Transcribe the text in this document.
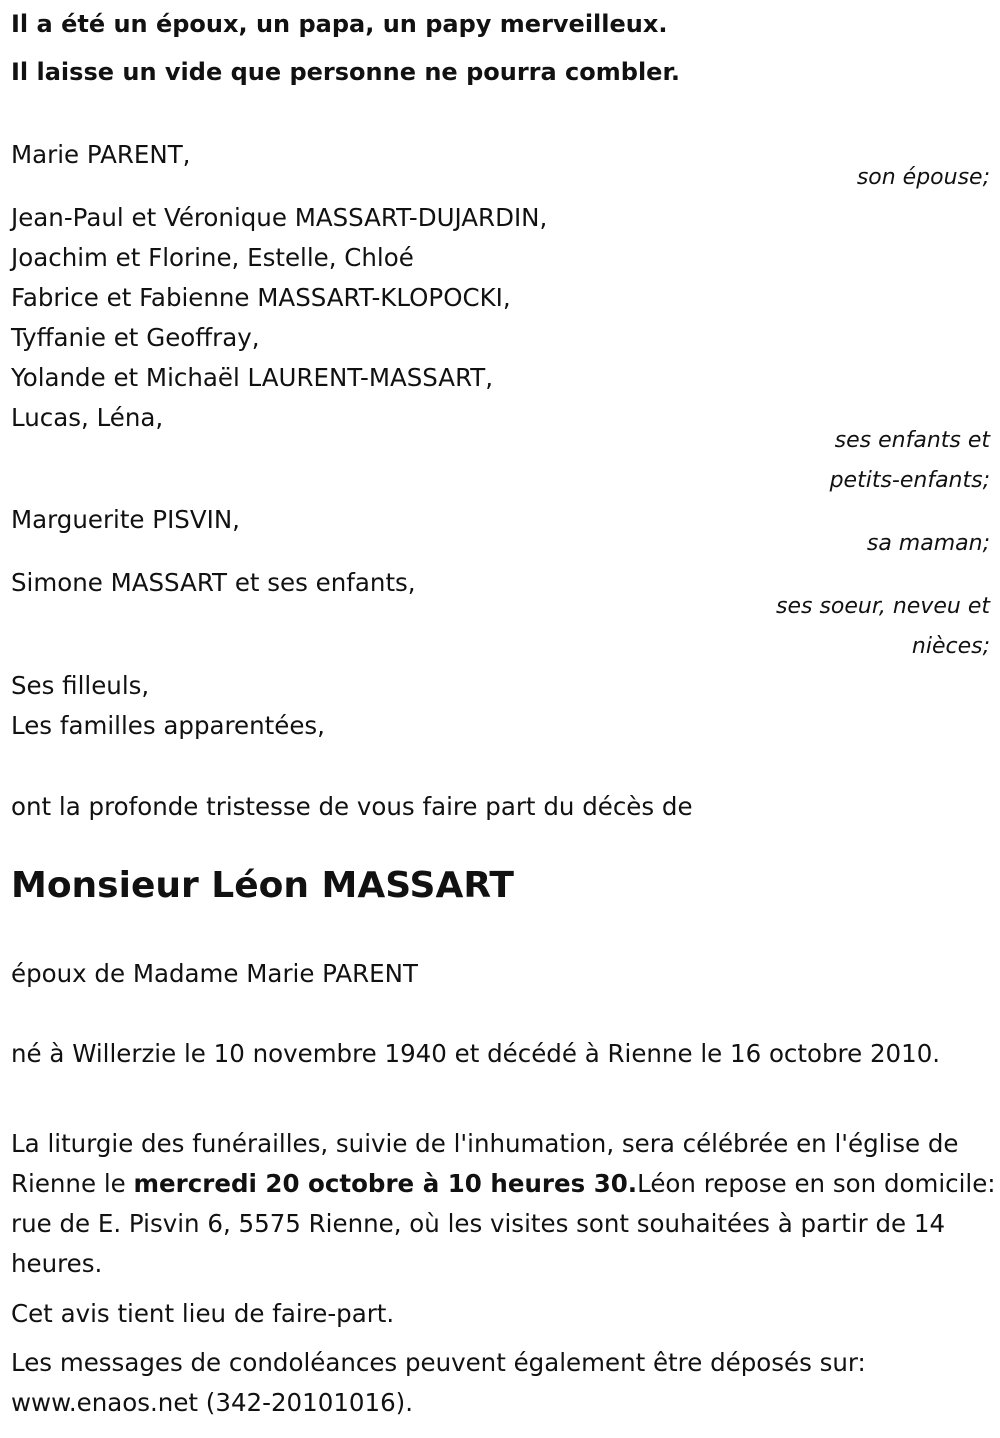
Il a été un époux, un papa, un papy merveilleux.
Il laisse un vide que personne ne pourra combler.
Marie PARENT,
son épouse;
Jean-Paul et Véronique MASSART-DUJARDIN,
Joachim et Florine, Estelle, Chloé
Fabrice et Fabienne MASSART-KLOPOCKI,
Tyffanie et Geoffray,
Yolande et Michaël LAURENT-MASSART,
Lucas, Léna,
ses enfants et
petits-enfants;
Marguerite PISVIN,
sa maman;
Simone MASSART et ses enfants,
ses soeur, neveu et
nièces;
Ses filleuls,
Les familles apparentées,
ont la profonde tristesse de vous faire part du décès de
Monsieur Léon MASSART
époux de Madame Marie PARENT
né à Willerzie le 10 novembre 1940 et décédé à Rienne le 16 octobre 2010.
La liturgie des funérailles, suivie de l'inhumation, sera célébrée en l'église de Rienne le mercredi 20 octobre à 10 heures 30.Léon repose en son domicile: rue de E. Pisvin 6, 5575 Rienne, où les visites sont souhaitées à partir de 14 heures.
Cet avis tient lieu de faire-part.
Les messages de condoléances peuvent également être déposés sur: www.enaos.net (342-20101016).
